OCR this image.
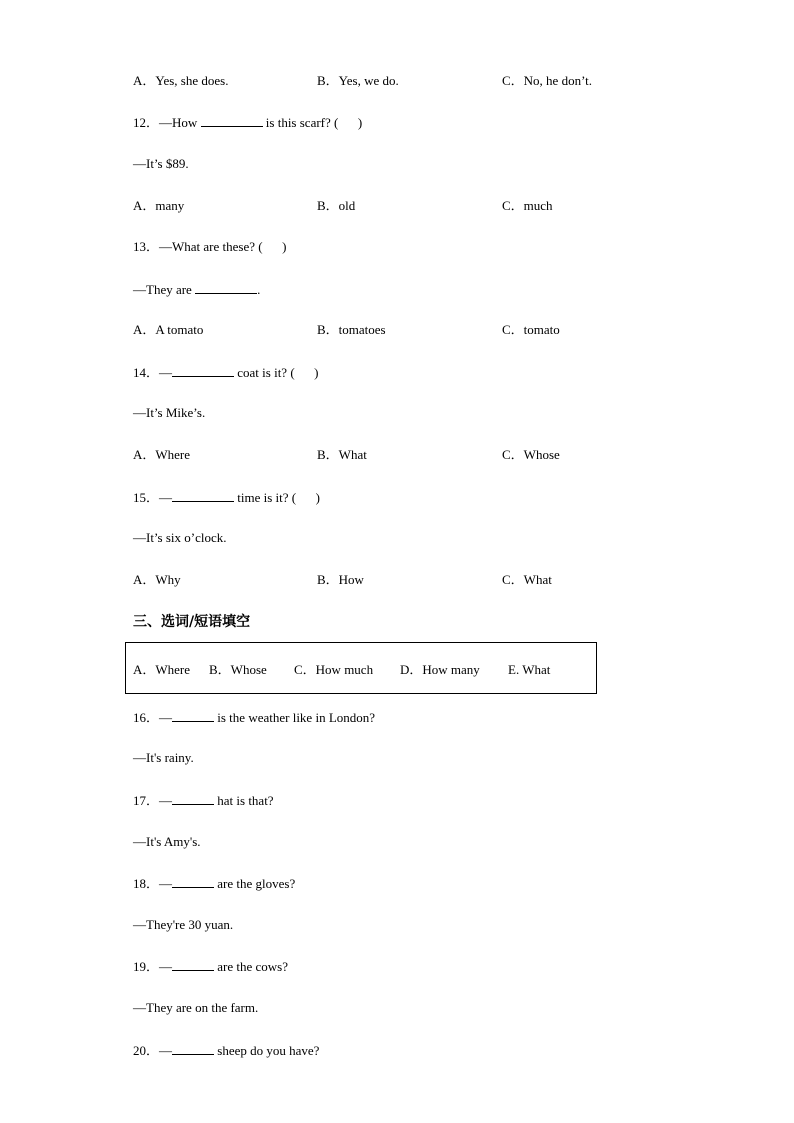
A．Yes, she does.	B．Yes, we do.	C．No, he don’t.
12．—How	is this scarf? (      )
—It’s $89.
A．many	B．old	C．much
13．—What are these? (      )
—They are	.
A．A tomato	B．tomatoes	C．tomato
14．—	coat is it? (      )
—It’s Mike’s.
A．Where	B．What	C．Whose
15．—	time is it? (      )
—It’s six o’clock.
A．Why	B．How	C．What
三、选词/短语填空
A．Where B．Whose C．How much D．How many E. What
16．—	is the weather like in London?
—It's rainy.
17．—	hat is that?
—It's Amy's.
18．—	are the gloves?
—They're 30 yuan.
19．—	are the cows?
—They are on the farm.
20．—	sheep do you have?
